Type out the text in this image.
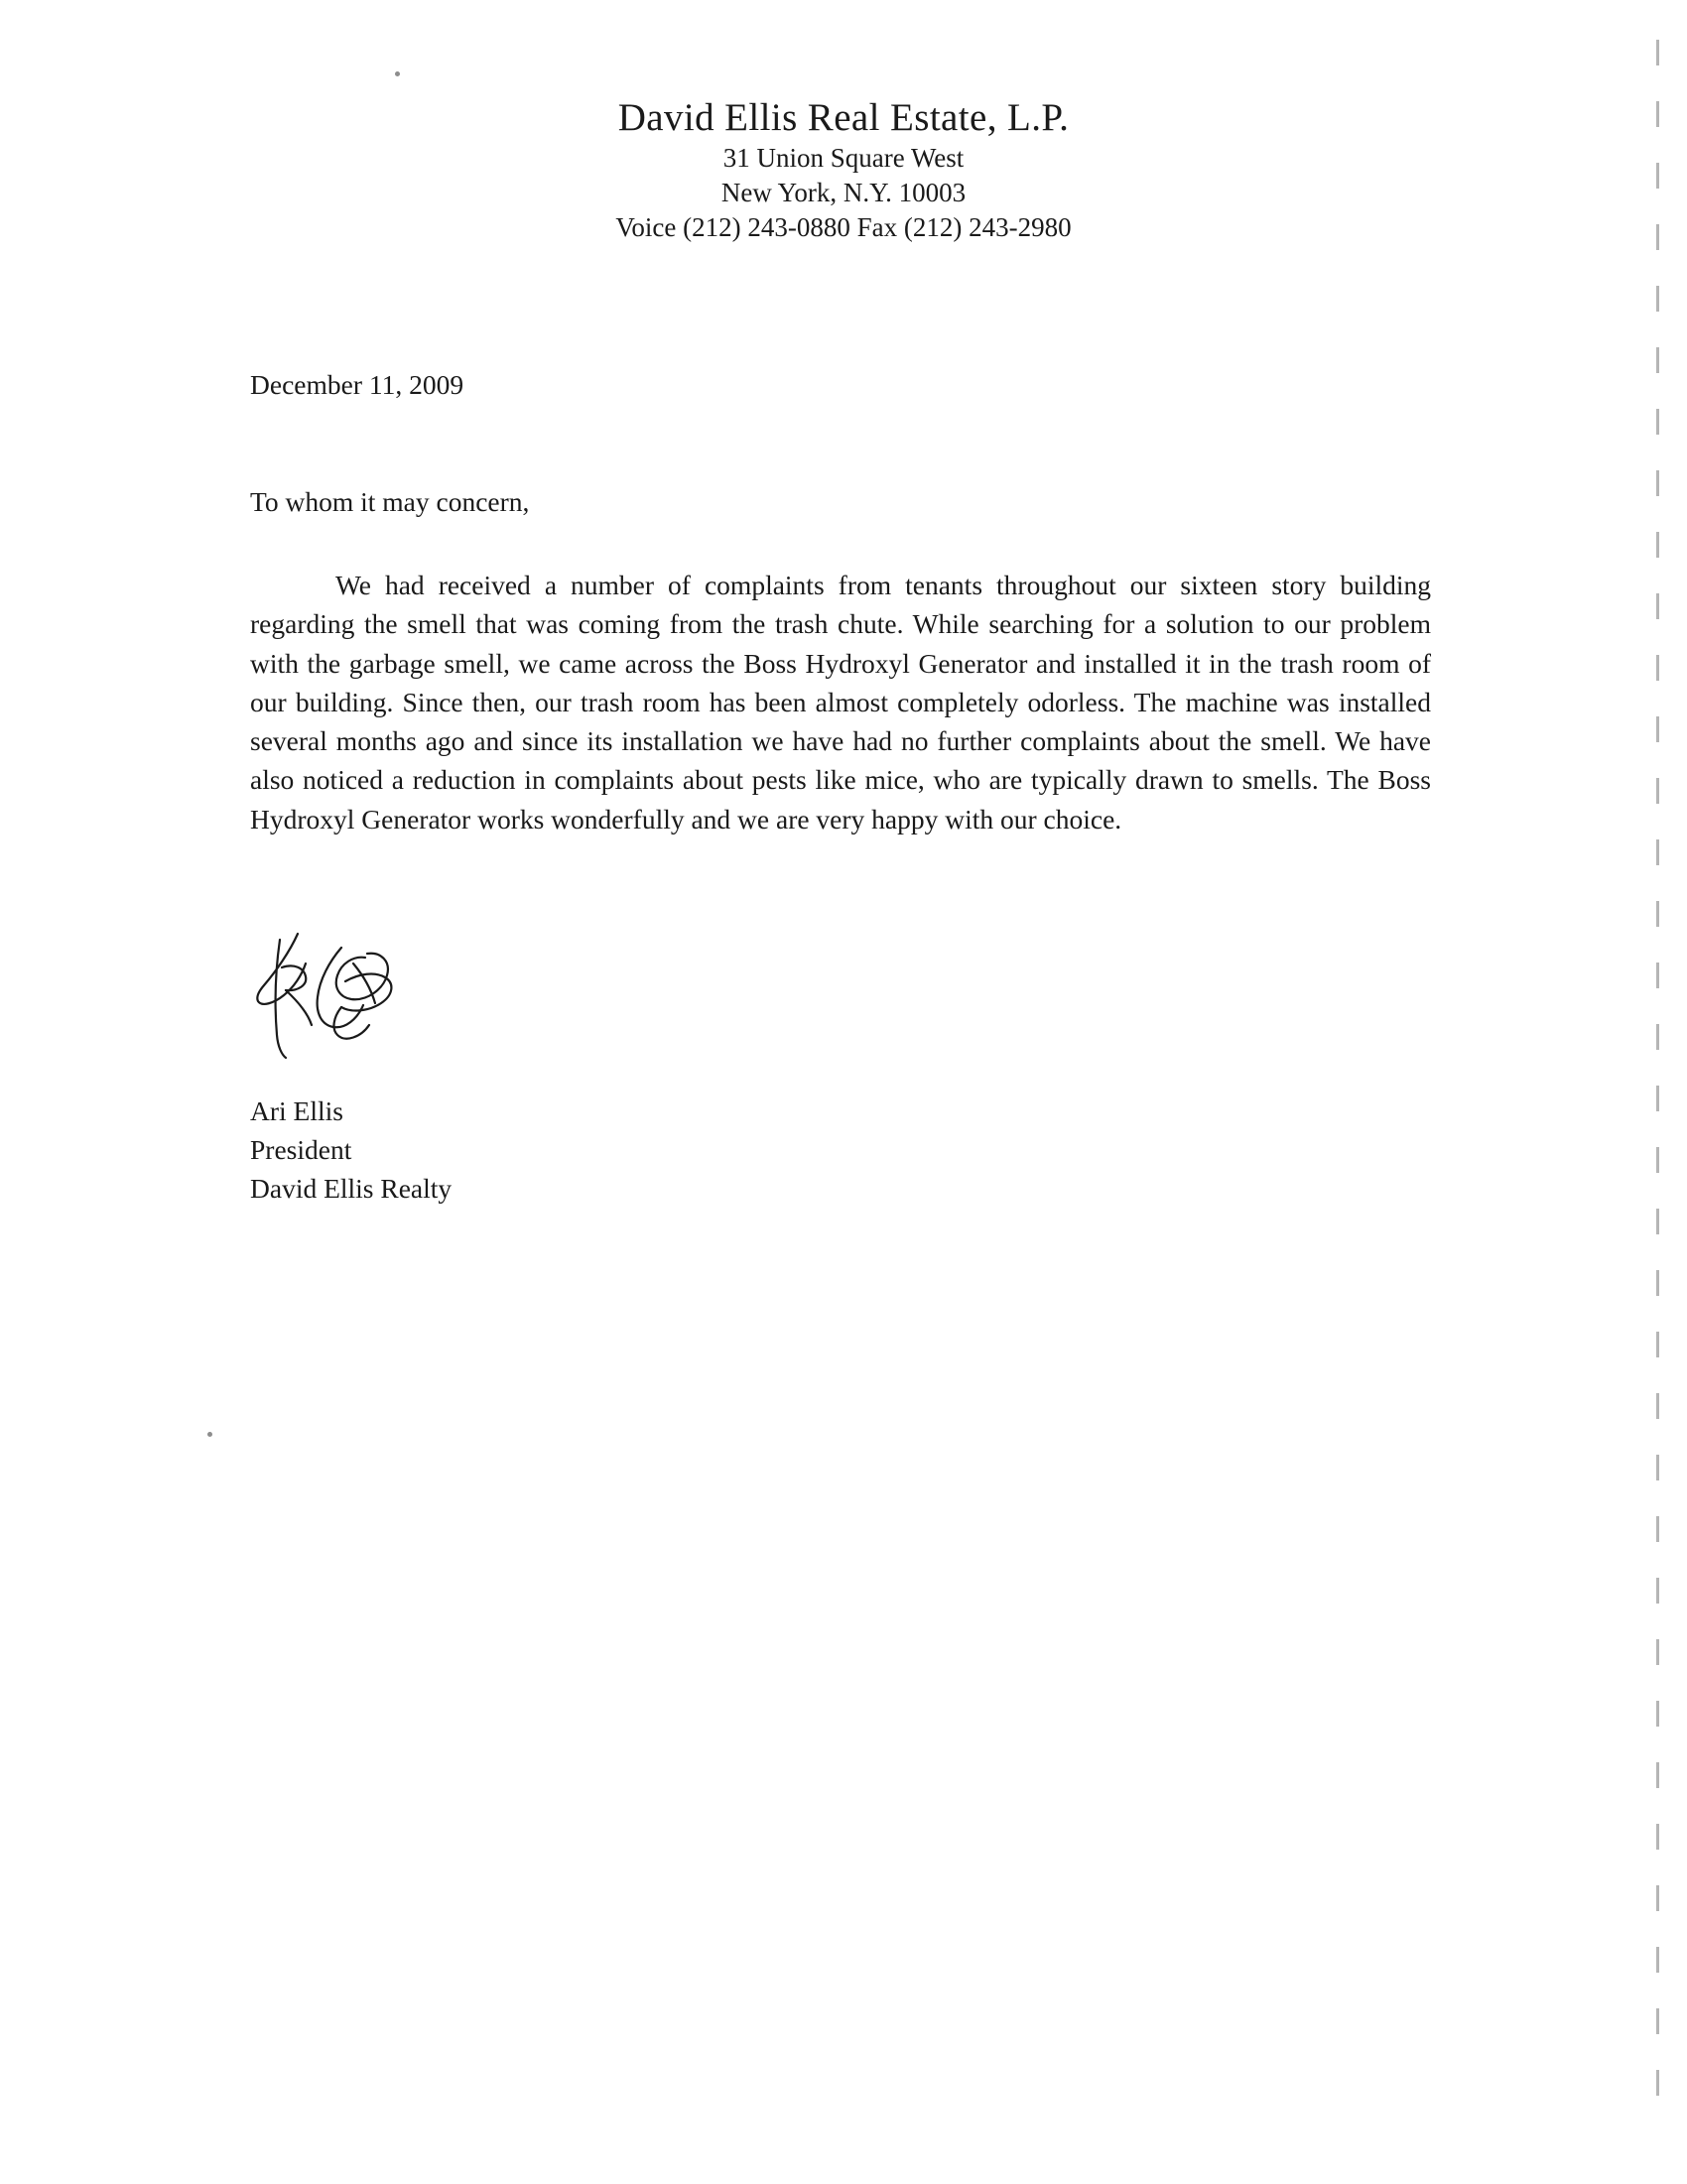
David Ellis Real Estate, L.P.
31 Union Square West
New York, N.Y. 10003
Voice (212) 243-0880 Fax (212) 243-2980
December 11, 2009
To whom it may concern,
We had received a number of complaints from tenants throughout our sixteen story building regarding the smell that was coming from the trash chute. While searching for a solution to our problem with the garbage smell, we came across the Boss Hydroxyl Generator and installed it in the trash room of our building. Since then, our trash room has been almost completely odorless. The machine was installed several months ago and since its installation we have had no further complaints about the smell. We have also noticed a reduction in complaints about pests like mice, who are typically drawn to smells. The Boss Hydroxyl Generator works wonderfully and we are very happy with our choice.
Ari Ellis
President
David Ellis Realty
